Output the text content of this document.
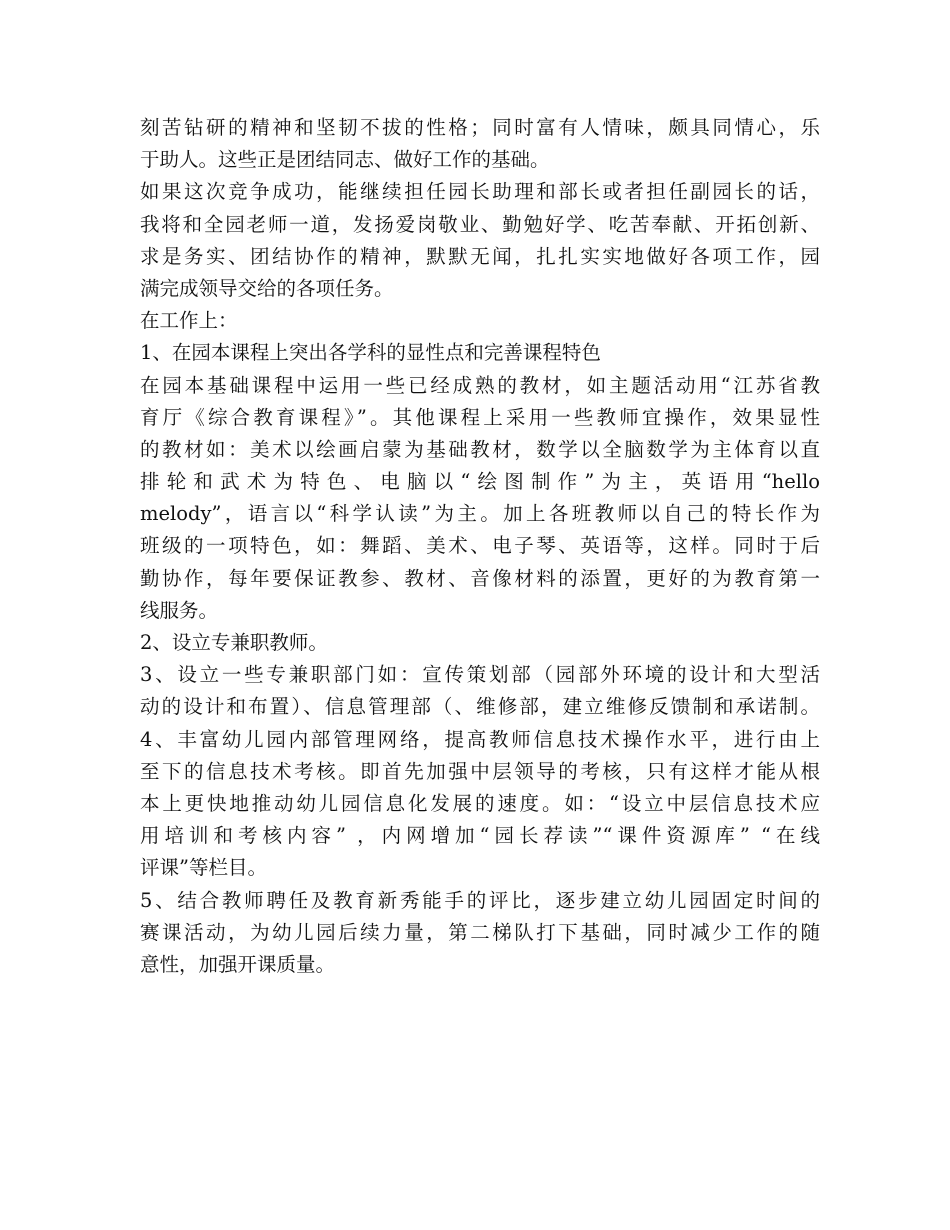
刻苦钻研的精神和坚韧不拔的性格；同时富有人情味，颇具同情心，乐
于助人。这些正是团结同志、做好工作的基础。
如果这次竞争成功，能继续担任园长助理和部长或者担任副园长的话，
我将和全园老师一道，发扬爱岗敬业、勤勉好学、吃苦奉献、开拓创新、
求是务实、团结协作的精神，默默无闻，扎扎实实地做好各项工作，园
满完成领导交给的各项任务。
在工作上：
1、在园本课程上突出各学科的显性点和完善课程特色
在园本基础课程中运用一些已经成熟的教材，如主题活动用“江苏省教
育厅《综合教育课程》”。其他课程上采用一些教师宜操作，效果显性
的教材如：美术以绘画启蒙为基础教材，数学以全脑数学为主体育以直
排轮和武术为特色、电脑以“绘图制作”为主，英语用“hello
melody”，语言以“科学认读”为主。加上各班教师以自己的特长作为
班级的一项特色，如：舞蹈、美术、电子琴、英语等，这样。同时于后
勤协作，每年要保证教参、教材、音像材料的添置，更好的为教育第一
线服务。
2、设立专兼职教师。
3、设立一些专兼职部门如：宣传策划部（园部外环境的设计和大型活
动的设计和布置）、信息管理部（、维修部，建立维修反馈制和承诺制。
4、丰富幼儿园内部管理网络，提高教师信息技术操作水平，进行由上
至下的信息技术考核。即首先加强中层领导的考核，只有这样才能从根
本上更快地推动幼儿园信息化发展的速度。如：“设立中层信息技术应
用培训和考核内容” ，内网增加“园长荐读”“课件资源库” “在线
评课”等栏目。
5、结合教师聘任及教育新秀能手的评比，逐步建立幼儿园固定时间的
赛课活动，为幼儿园后续力量，第二梯队打下基础，同时减少工作的随
意性，加强开课质量。
